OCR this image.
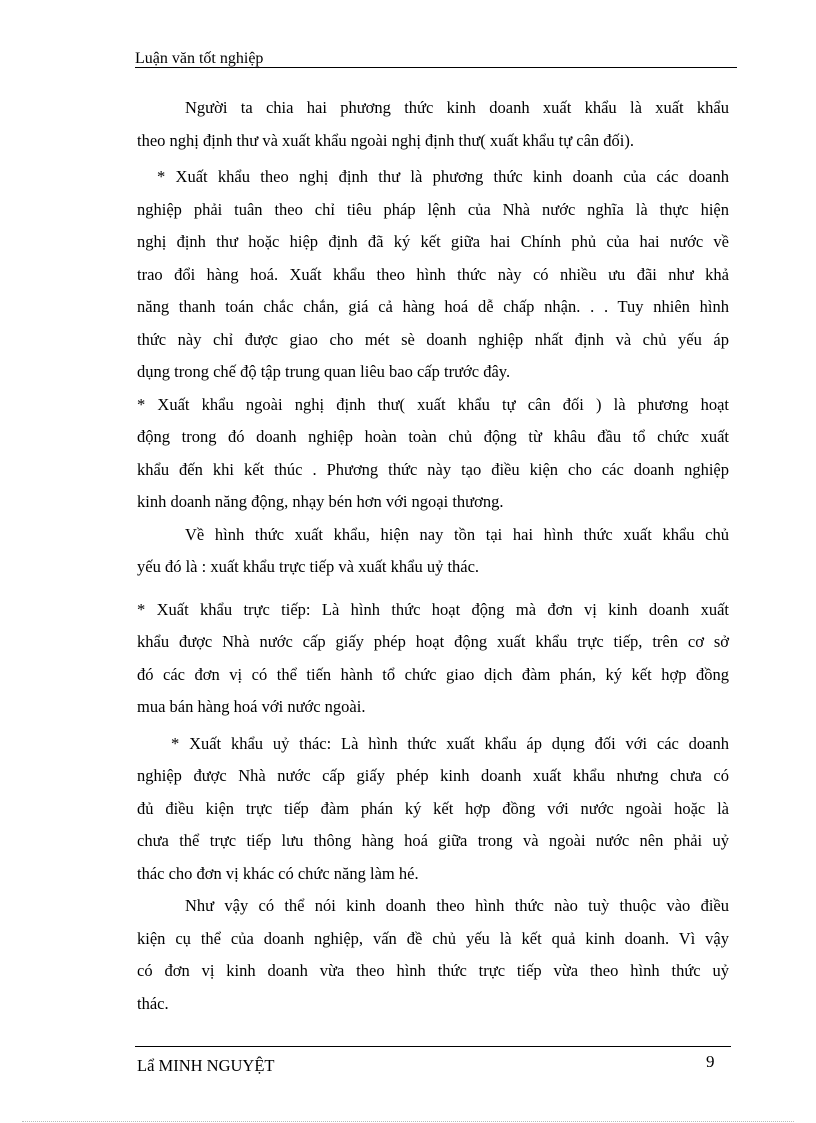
Luận văn tốt nghiệp
Người ta chia hai phương thức kinh doanh xuất khẩu là xuất khẩu
theo nghị định thư và xuất khẩu ngoài nghị định thư( xuất khẩu tự cân đối).
* Xuất khẩu theo nghị định thư là phương thức kinh doanh của các doanh
nghiệp phải tuân theo chỉ tiêu pháp lệnh của Nhà nước nghĩa là thực hiện
nghị định thư hoặc hiệp định đã ký kết giữa hai Chính phủ của hai nước về
trao đổi hàng hoá. Xuất khẩu theo hình thức này có nhiều ưu đãi như khả
năng thanh toán chắc chắn, giá cả hàng hoá dễ chấp nhận. . . Tuy nhiên hình
thức này chỉ được giao cho mét sè doanh nghiệp nhất định và chủ yếu áp
dụng trong chế độ tập trung quan liêu bao cấp trước đây.
* Xuất khẩu ngoài nghị định thư( xuất khẩu tự cân đối ) là phương hoạt
động trong đó doanh nghiệp hoàn toàn chủ động từ khâu đầu tổ chức xuất
khẩu đến khi kết thúc . Phương thức này tạo điều kiện cho các doanh nghiệp
kinh doanh năng động, nhạy bén hơn với ngoại thương.
Về hình thức xuất khẩu, hiện nay tồn tại hai hình thức xuất khẩu chủ
yếu đó là : xuất khẩu trực tiếp và xuất khẩu uỷ thác.
* Xuất khẩu trực tiếp: Là hình thức hoạt động mà đơn vị kinh doanh xuất
khẩu được Nhà nước cấp giấy phép hoạt động xuất khẩu trực tiếp, trên cơ sở
đó các đơn vị có thể tiến hành tổ chức giao dịch đàm phán, ký kết hợp đồng
mua bán hàng hoá với nước ngoài.
* Xuất khẩu uỷ thác: Là hình thức xuất khẩu áp dụng đối với các doanh
nghiệp được Nhà nước cấp giấy phép kinh doanh xuất khẩu nhưng chưa có
đủ điều kiện trực tiếp đàm phán ký kết hợp đồng với nước ngoài hoặc là
chưa thể trực tiếp lưu thông hàng hoá giữa trong và ngoài nước nên phải uỷ
thác cho đơn vị khác có chức năng làm hé.
Như vậy có thể nói kinh doanh theo hình thức nào tuỳ thuộc vào điều
kiện cụ thể của doanh nghiệp, vấn đề chủ yếu là kết quả kinh doanh. Vì vậy
có đơn vị kinh doanh vừa theo hình thức trực tiếp vừa theo hình thức uỷ
thác.
Lẩ MINH NGUYỆT	9
